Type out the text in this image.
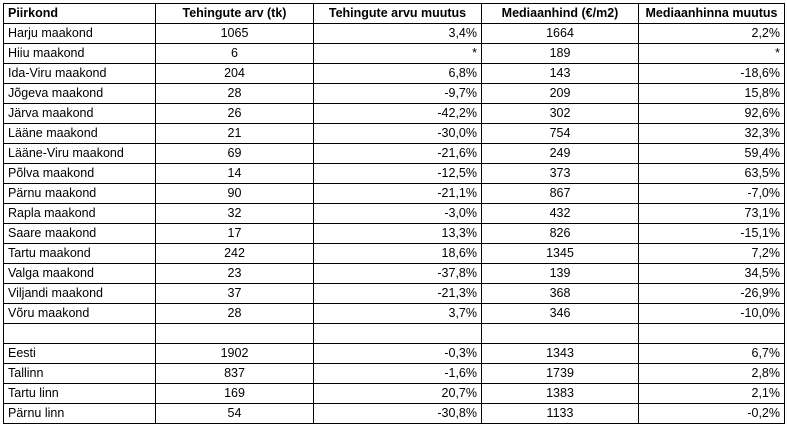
Piirkond	Tehingute arv (tk)	Tehingute arvu muutus	Mediaanhind (€/m2)	Mediaanhinna muutus
Harju maakond	1065	3,4%	1664	2,2%
Hiiu maakond	6	*	189	*
Ida-Viru maakond	204	6,8%	143	-18,6%
Jõgeva maakond	28	-9,7%	209	15,8%
Järva maakond	26	-42,2%	302	92,6%
Lääne maakond	21	-30,0%	754	32,3%
Lääne-Viru maakond	69	-21,6%	249	59,4%
Põlva maakond	14	-12,5%	373	63,5%
Pärnu maakond	90	-21,1%	867	-7,0%
Rapla maakond	32	-3,0%	432	73,1%
Saare maakond	17	13,3%	826	-15,1%
Tartu maakond	242	18,6%	1345	7,2%
Valga maakond	23	-37,8%	139	34,5%
Viljandi maakond	37	-21,3%	368	-26,9%
Võru maakond	28	3,7%	346	-10,0%

Eesti	1902	-0,3%	1343	6,7%
Tallinn	837	-1,6%	1739	2,8%
Tartu linn	169	20,7%	1383	2,1%
Pärnu linn	54	-30,8%	1133	-0,2%
